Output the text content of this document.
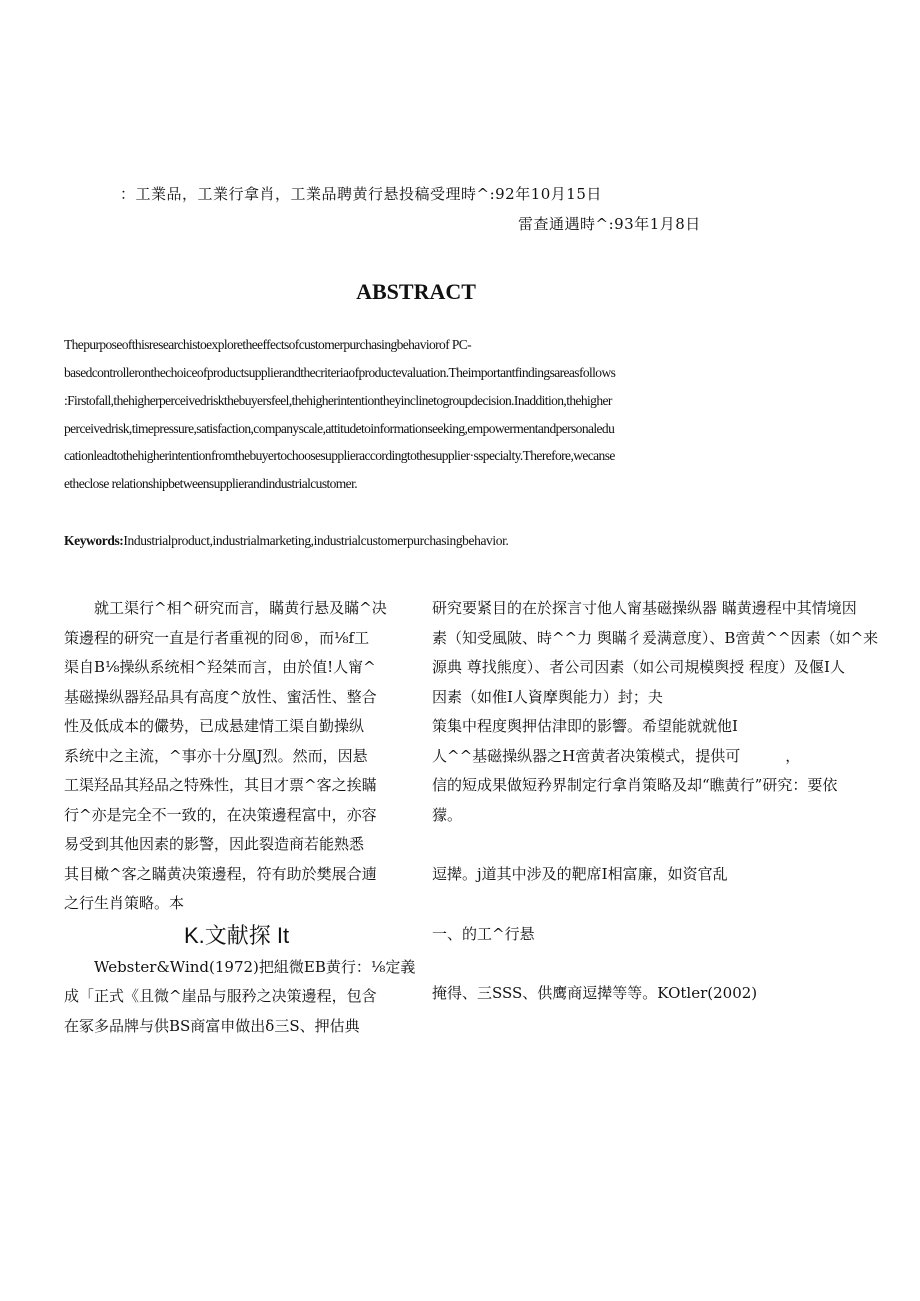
：工業品，工業行拿肖，工業品聘黄行悬投稿受理時^:92年10月15日
雷查通遇時^:93年1月8日
ABSTRACT
Thepurposeofthisresearchistoexploretheeffectsofcustomerpurchasingbehaviorof PC-
basedcontrolleronthechoiceofproductsupplierandthecriteriaofproductevaluation.Theimportantfindingsareasfollows
:Firstofall,thehigherperceivedriskthebuyersfeel,thehigherintentiontheyinclinetogroupdecision.Inaddition,thehigher
perceivedrisk,timepressure,satisfaction,companyscale,attitudetoinformationseeking,empowermentandpersonaledu
cationleadtothehigherintentionfromthebuyertochoosesupplieraccordingtothesupplier·sspecialty.Therefore,wecanse
etheclose relationshipbetweensupplierandindustrialcustomer.
Keywords:Industrialproduct,industrialmarketing,industrialcustomerpurchasingbehavior.
　　就工渠行^相^研究而言，瞞黄行悬及瞞^决
策邊程的研究一直是行者重视的冏®，而⅛f工
渠自B⅛操纵系统相^羟桀而言，由於值!人甯^
基磁操纵器羟品具有高度^放性、蜜活性、整合
性及低成本的儼势，已成悬建情工渠自勤操纵
系统中之主流，^事亦十分凰J烈。然而，因悬
工渠羟品其羟品之特殊性，其目才票^客之挨瞞
行^亦是完全不一致的，在决策邊程富中，亦容
易受到其他因素的影警，因此裂造商若能熟悉
其目橄^客之瞞黄决策邊程，符有助於樊展合遖
之行生肖策略。本
K.文献探 It
　　Webster&Wind(1972)把組微EB黄行：⅛定義
成「正式《且微^崖品与服矜之决策邊程，包含
在冢多品牌与供BS商富申做出δ三S、押估典
研究要紧目的在於探言寸他人甯基磁操纵器 瞞黄邊程中其情境因
素（知受風陂、時^^力 舆瞞彳爰满意度）、B啻黄^^因素（如^来
源典 尊找熊度）、者公司因素（如公司規模舆授 程度）及偃I人
因素（如倠I人資摩舆能力）封；夬
策集中程度舆押估津即的影響。希望能就就他I
人^^基磁操纵器之H啻黄者决策模式，提供可　　　，
信的短成果做短矜界制定行拿肖策略及却“瞧黄行”研究：要依
獴。
逗撵。j道其中涉及的靶席I相富廉，如资官乱
一、的工^行悬
掩得、三SSS、供鹰商逗撵等等。KOtler(2002)
